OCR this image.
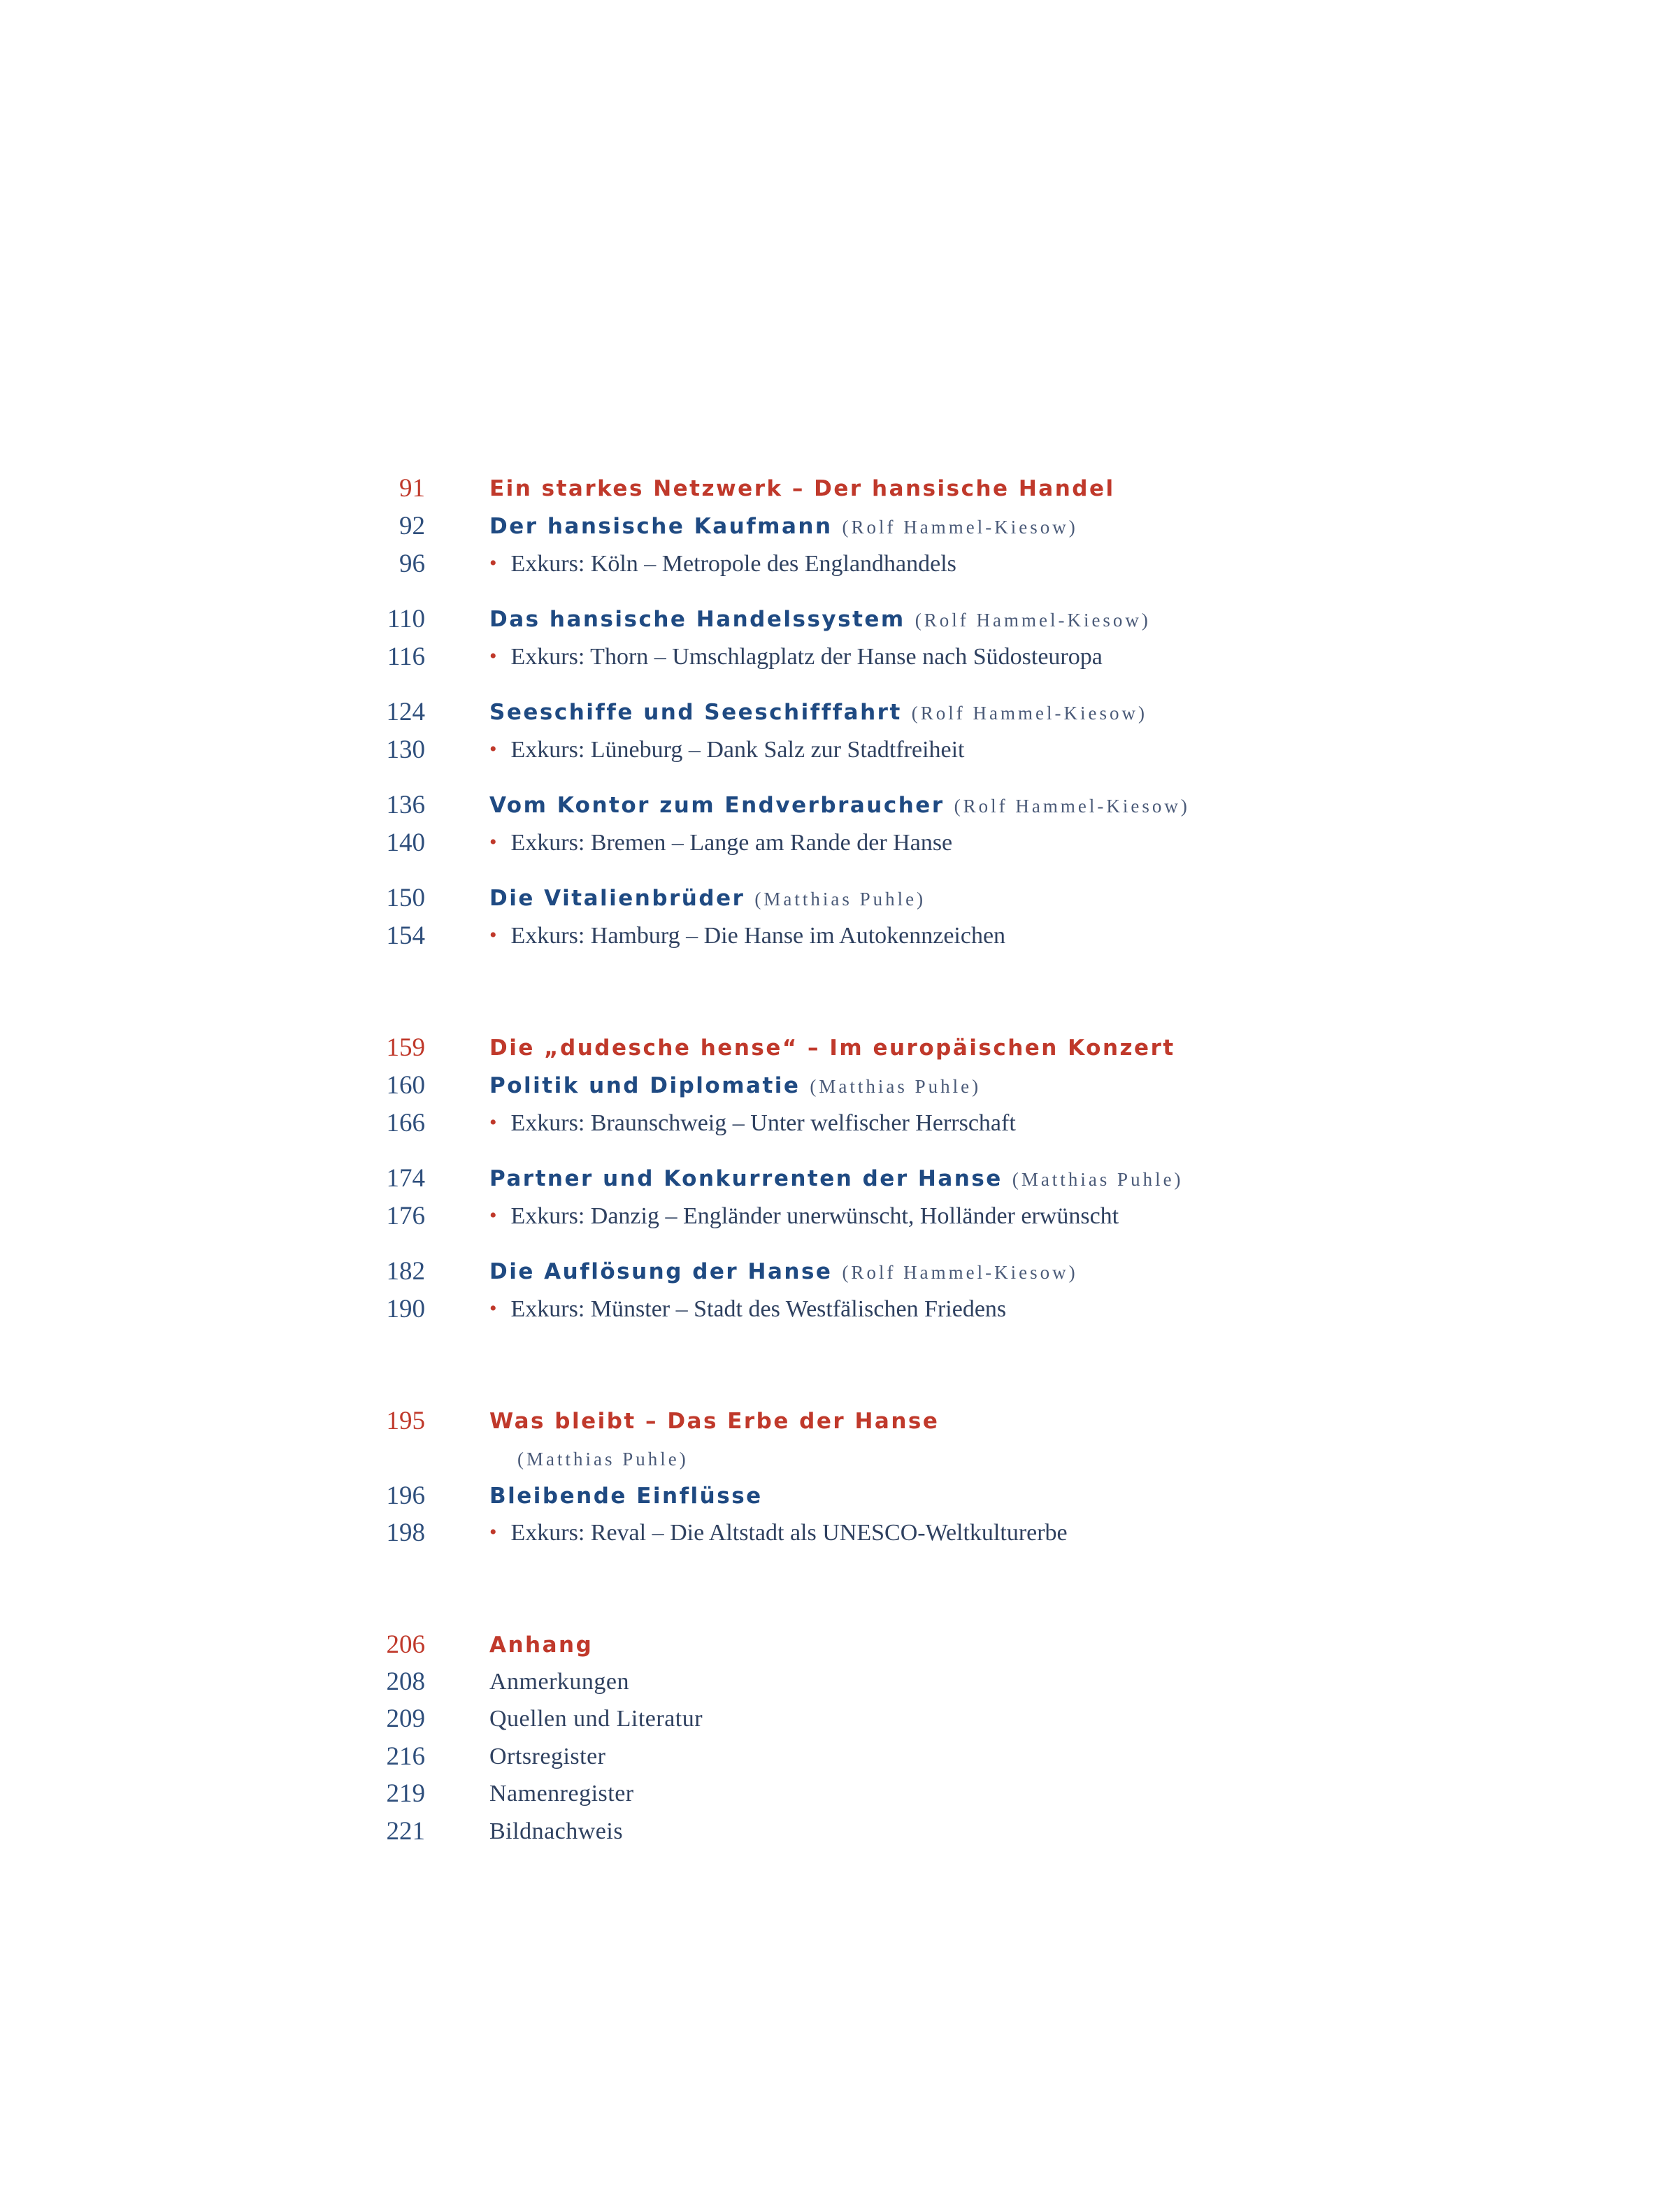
91	Ein starkes Netzwerk – Der hansische Handel
92	Der hansische Kaufmann (Rolf Hammel-Kiesow)
96	• Exkurs: Köln – Metropole des Englandhandels
110	Das hansische Handelssystem (Rolf Hammel-Kiesow)
116	• Exkurs: Thorn – Umschlagplatz der Hanse nach Südosteuropa
124	Seeschiffe und Seeschifffahrt (Rolf Hammel-Kiesow)
130	• Exkurs: Lüneburg – Dank Salz zur Stadtfreiheit
136	Vom Kontor zum Endverbraucher (Rolf Hammel-Kiesow)
140	• Exkurs: Bremen – Lange am Rande der Hanse
150	Die Vitalienbrüder (Matthias Puhle)
154	• Exkurs: Hamburg – Die Hanse im Autokennzeichen
159	Die „dudesche hense“ – Im europäischen Konzert
160	Politik und Diplomatie (Matthias Puhle)
166	• Exkurs: Braunschweig – Unter welfischer Herrschaft
174	Partner und Konkurrenten der Hanse (Matthias Puhle)
176	• Exkurs: Danzig – Engländer unerwünscht, Holländer erwünscht
182	Die Auflösung der Hanse (Rolf Hammel-Kiesow)
190	• Exkurs: Münster – Stadt des Westfälischen Friedens
195	Was bleibt – Das Erbe der Hanse
(Matthias Puhle)
196	Bleibende Einflüsse
198	• Exkurs: Reval – Die Altstadt als UNESCO-Weltkulturerbe
206	Anhang
208	Anmerkungen
209	Quellen und Literatur
216	Ortsregister
219	Namenregister
221	Bildnachweis
